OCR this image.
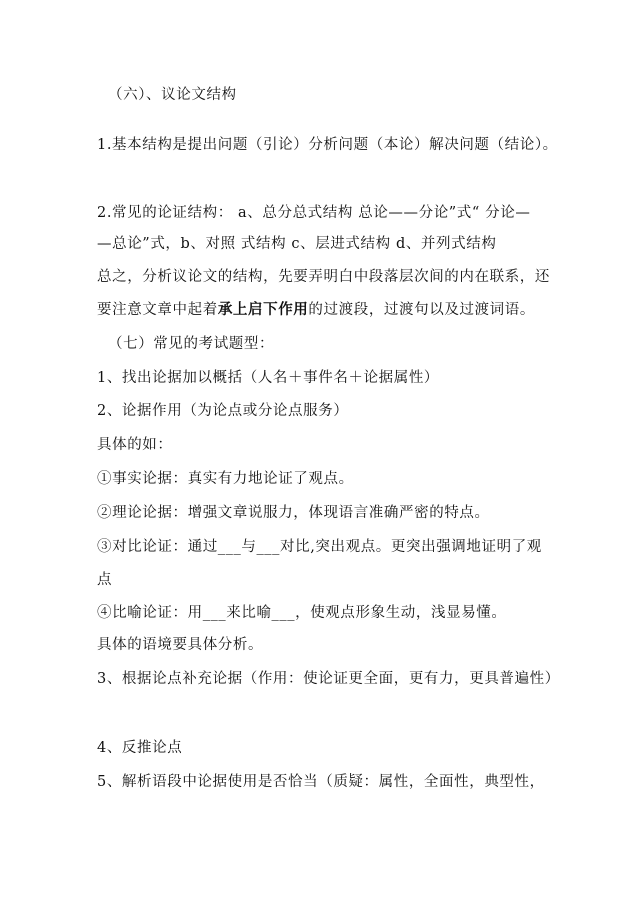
（六）、议论文结构
1.基本结构是提出问题（引论）分析问题（本论）解决问题（结论）。
2.常见的论证结构： a、总分总式结构 总论——分论”式“ 分论—
—总论”式，b、对照 式结构 c、层进式结构 d、并列式结构
总之，分析议论文的结构，先要弄明白中段落层次间的内在联系，还
要注意文章中起着承上启下作用的过渡段，过渡句以及过渡词语。
（七）常见的考试题型：
1、找出论据加以概括（人名＋事件名＋论据属性）
2、论据作用（为论点或分论点服务）
具体的如：
①事实论据：真实有力地论证了观点。
②理论论据：增强文章说服力，体现语言准确严密的特点。
③对比论证：通过___与___对比,突出观点。更突出强调地证明了观
点
④比喻论证：用___来比喻___，使观点形象生动，浅显易懂。
具体的语境要具体分析。
3、根据论点补充论据（作用：使论证更全面，更有力，更具普遍性）
4、反推论点
5、解析语段中论据使用是否恰当（质疑：属性，全面性，典型性，
